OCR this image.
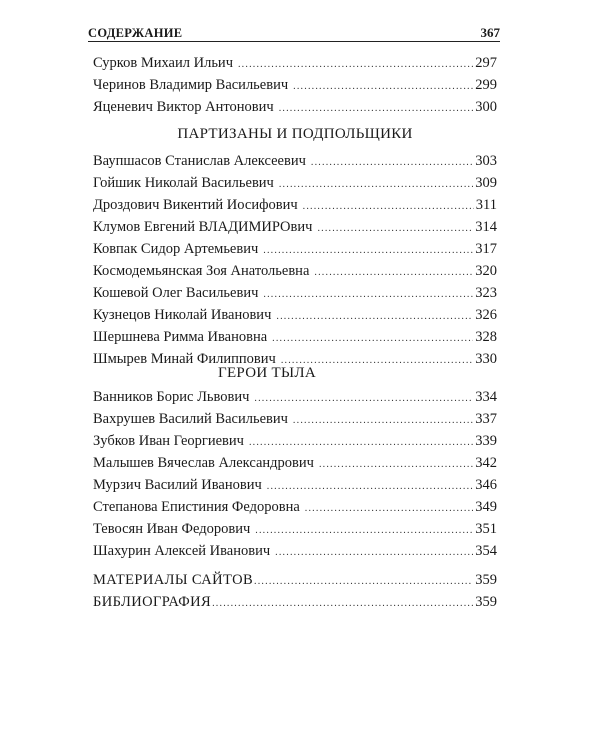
СОДЕРЖАНИЕ	367
Сурков Михаил Ильич .....	297
Черинов Владимир Васильевич .....	299
Яценевич Виктор Антонович .....	300
ПАРТИЗАНЫ И ПОДПОЛЬЩИКИ
Ваупшасов Станислав Алексеевич .....	303
Гойшик Николай Васильевич .....	309
Дроздович Викентий Иосифович .....	311
Клумов Евгений ВЛАДИМИРОвич .....	314
Ковпак Сидор Артемьевич .....	317
Космодемьянская Зоя Анатольевна .....	320
Кошевой Олег Васильевич .....	323
Кузнецов Николай Иванович .....	326
Шершнева Римма Ивановна .....	328
Шмырев Минай Филиппович .....	330
ГЕРОИ ТЫЛА
Ванников Борис Львович .....	334
Вахрушев Василий Васильевич .....	337
Зубков Иван Георгиевич .....	339
Малышев Вячеслав Александрович .....	342
Мурзич Василий Иванович .....	346
Степанова Епистиния Федоровна .....	349
Тевосян Иван Федорович .....	351
Шахурин Алексей Иванович .....	354
МАТЕРИАЛЫ САЙТОВ .....	359
БИБЛИОГРАФИЯ .....	359
